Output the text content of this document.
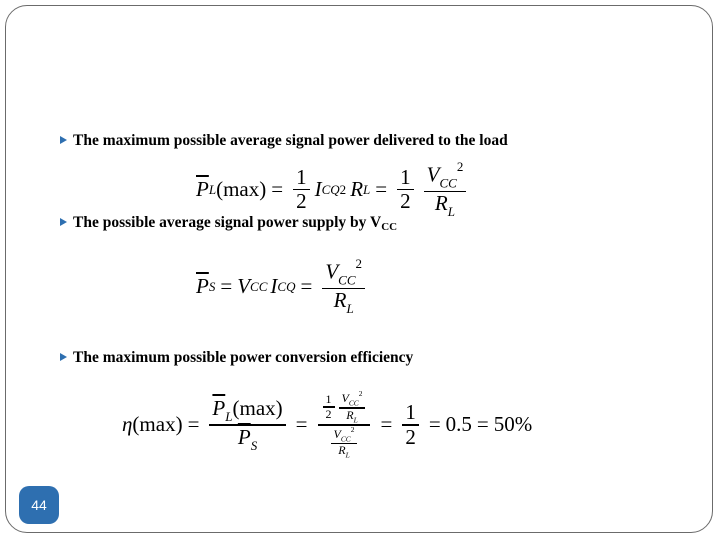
The maximum possible average signal power delivered to the load
$\overline{P}$ L $(\max) = \frac{1}{2}$ I CQ 2 R $L = \frac{1}{2} \frac{V_{CC}^2}{R_L}$
The possible average signal power supply by $V_{CC}$
$\overline{P}$ S = V CC I CQ = $\frac{V_{CC}^2}{R_L}$
The maximum possible power conversion efficiency
η $(\max) = \frac{\overline{P}_L(\max)}{\overline{P}_S} = \frac{\frac{1}{2} \frac{V_{CC}^2}{R_L}}{\frac{V_{CC}^2}{R_L}} = \frac{1}{2} = 0.5 = 50\%$
44
